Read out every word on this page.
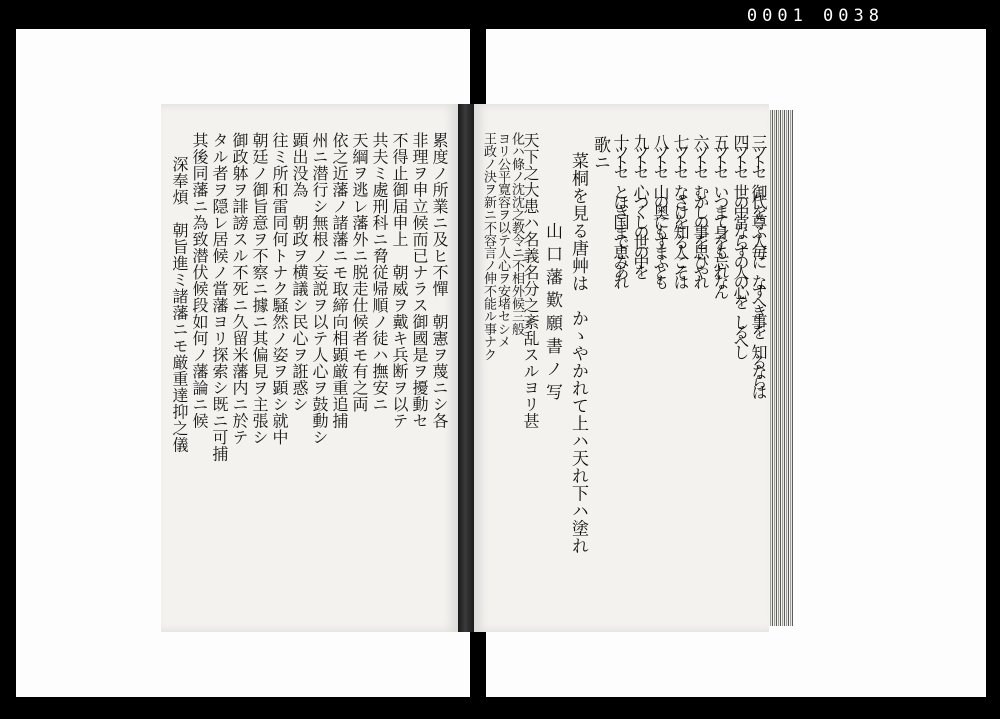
0001 0038
深奉煩　朝旨進ミ諸藩ニモ厳重達抑之儀 其後同藩ニ為致潜伏候段如何ノ藩論ニ候 タル者ヲ隠レ居候ノ當藩ヨリ探索シ既ニ可捕 御政躰ヲ誹謗スル不死ニ久留米藩内ニ於テ 朝廷ノ御旨意ヲ不察ニ據ニ其偏見ヲ主張シ 往ミ所和雷同何トナク騒然ノ姿ヲ顕シ就中 顕出没為　朝政ヲ横議シ民心ヲ誑惑シ 州ニ潜行シ無根ノ妄説ヲ以テ人心ヲ鼓動シ 依之近藩ノ諸藩ニモ取締向相顕厳重追捕 天綱ヲ逃レ藩外ニ脱走仕候者モ有之両 共夫ミ處刑科ニ脅従帰順ノ徒ハ撫安ニ 不得止御届申上　朝威ヲ戴キ兵断ヲ以テ 非理ヲ申立候而已ナラス御國是ヲ擾動セ 累度ノ所業ニ及ヒ不憚　朝憲ヲ蔑ニシ各	王政ノ決ヲ新ニ不容言ノ伸不能ル事ナク ヨリ公平寛容ヲ以テ人心ヲ安堵セシメ 化ハ條ノ沈沈之教令ニ不相外候三般
天下之大患ハ名義名分之紊乱スルヨリ甚 山口藩歎願書ノ写 菜桐を見る唐艸は　かゝやかれて上ハ天れ下ハ塗れ 歌ニ 十ツトセ　とほき国まで恵みあれ 九ツトセ　心つくしの世の中を 八ツトセ　山の奥にもすまふとも 七ツトセ　なさけを知る人こそは 六ツトセ　むかしの事を思ひやれ 五ツトセ　いつまて身をも忘れなん 四ツトセ　世の中常ならすの人の心を　しるへし 三ツトセ　御代を尊ふ人毎に　なすへき事を　知るならは
